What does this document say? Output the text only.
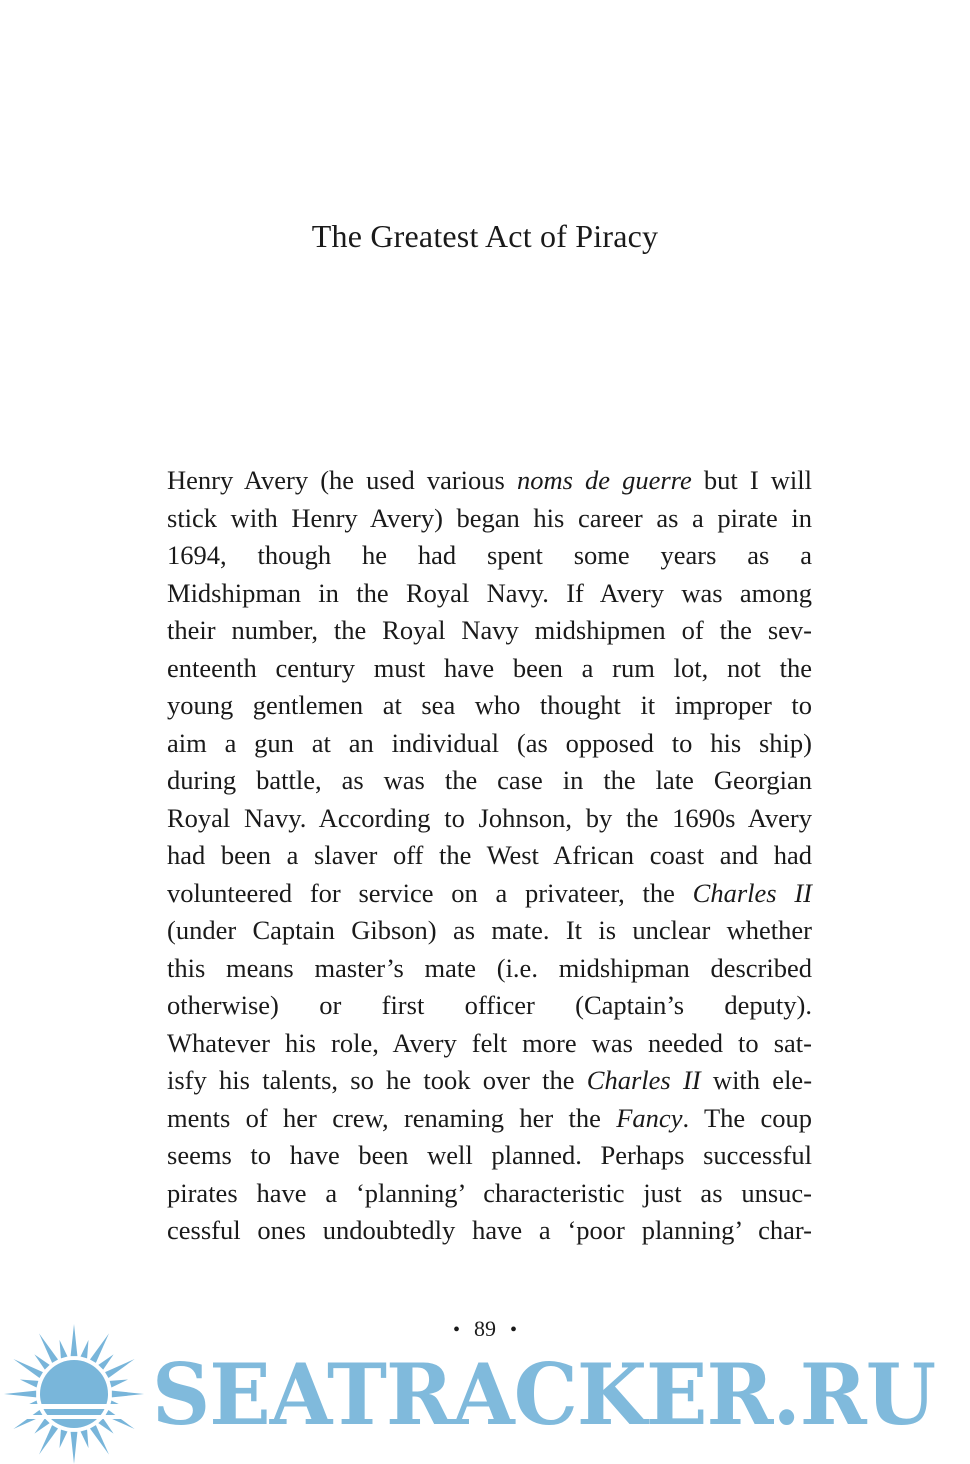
The Greatest Act of Piracy
Henry Avery (he used various noms de guerre but I will
stick with Henry Avery) began his career as a pirate in
1694, though he had spent some years as a
Midshipman in the Royal Navy. If Avery was among
their number, the Royal Navy midshipmen of the sev-
enteenth century must have been a rum lot, not the
young gentlemen at sea who thought it improper to
aim a gun at an individual (as opposed to his ship)
during battle, as was the case in the late Georgian
Royal Navy. According to Johnson, by the 1690s Avery
had been a slaver off the West African coast and had
volunteered for service on a privateer, the Charles II
(under Captain Gibson) as mate. It is unclear whether
this means master’s mate (i.e. midshipman described
otherwise) or first officer (Captain’s deputy).
Whatever his role, Avery felt more was needed to sat-
isfy his talents, so he took over the Charles II with ele-
ments of her crew, renaming her the Fancy. The coup
seems to have been well planned. Perhaps successful
pirates have a ‘planning’ characteristic just as unsuc-
cessful ones undoubtedly have a ‘poor planning’ char-
• 89 •
SEATRACKER.RU
